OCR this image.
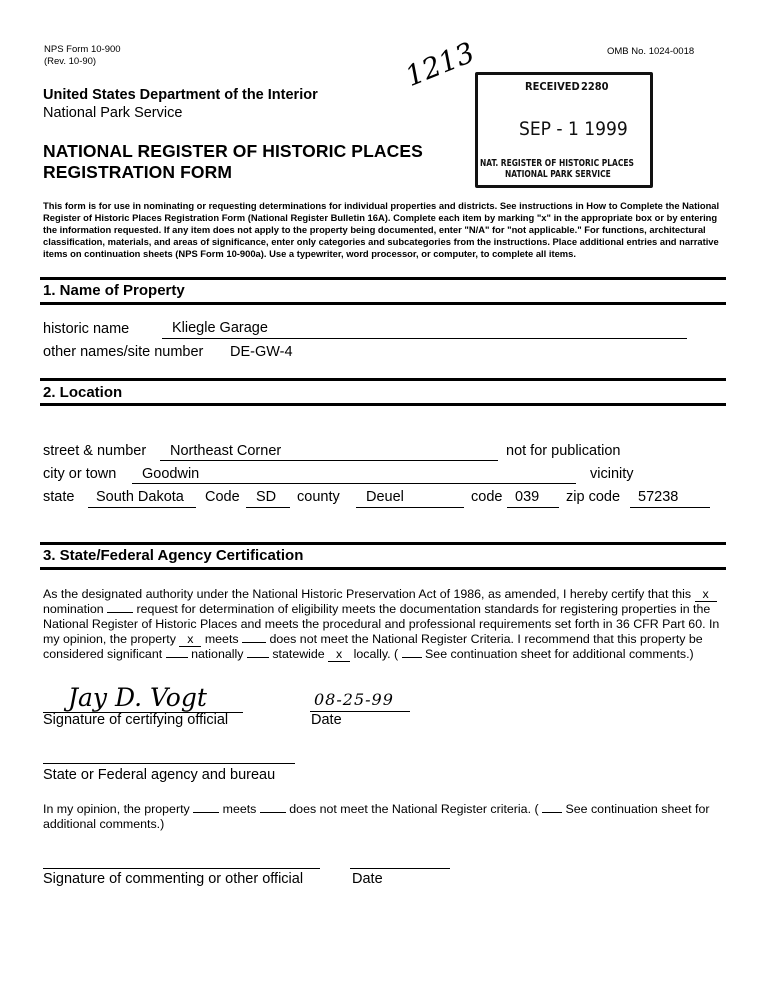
NPS Form 10-900
(Rev. 10-90)
OMB No. 1024-0018
United States Department of the Interior
National Park Service
NATIONAL REGISTER OF HISTORIC PLACES
REGISTRATION FORM
1213	RECEIVED 2280
SEP - 1 1999
NAT. REGISTER OF HISTORIC PLACES
NATIONAL PARK SERVICE
This form is for use in nominating or requesting determinations for individual properties and districts. See instructions in How to Complete the National Register of Historic Places Registration Form (National Register Bulletin 16A). Complete each item by marking "x" in the appropriate box or by entering the information requested. If any item does not apply to the property being documented, enter "N/A" for "not applicable." For functions, architectural classification, materials, and areas of significance, enter only categories and subcategories from the instructions. Place additional entries and narrative items on continuation sheets (NPS Form 10-900a). Use a typewriter, word processor, or computer, to complete all items.
1. Name of Property
historic name	Kliegle Garage
other names/site number DE-GW-4
2. Location
street & number Northeast Corner	not for publication
city or town Goodwin	vicinity
state South Dakota Code SD county Deuel	code 039 zip code 57238
3. State/Federal Agency Certification
As the designated authority under the National Historic Preservation Act of 1986, as amended, I hereby certify that this x nomination	request for determination of eligibility meets the documentation standards for registering properties in the National Register of Historic Places and meets the procedural and professional requirements set forth in 36 CFR Part 60. In my opinion, the property x meets does not meet the National Register Criteria. I recommend that this property be considered significant nationally statewide x locally. ( See continuation sheet for additional comments.)
Jay D. Vogt
Signature of certifying official
08-25-99
Date
State or Federal agency and bureau
In my opinion, the property	meets	does not meet the National Register criteria. ( See continuation sheet for additional comments.)
Signature of commenting or other official	Date
